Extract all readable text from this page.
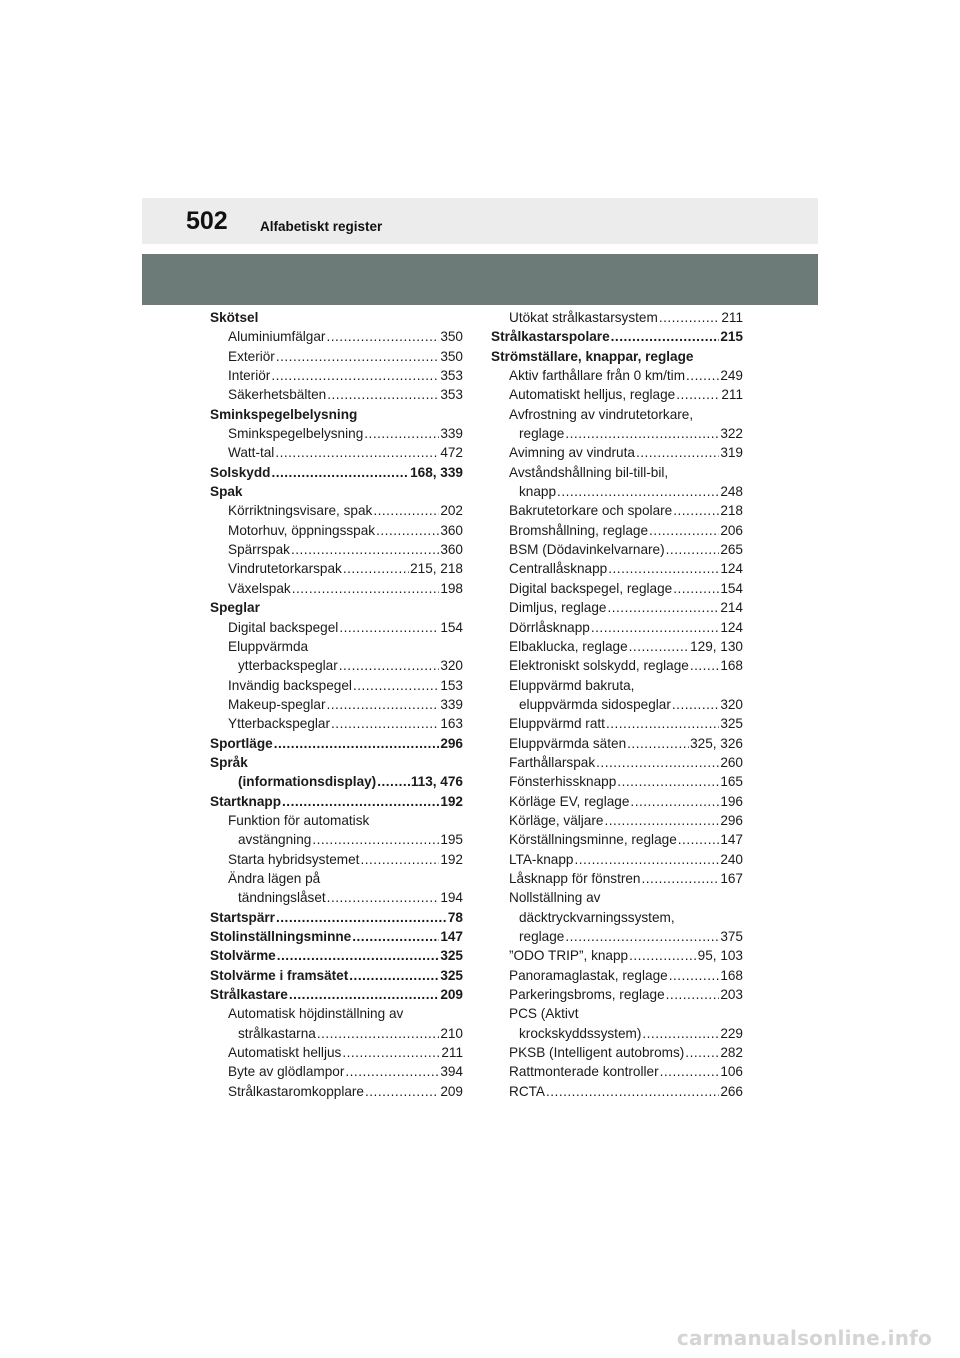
502 Alfabetiskt register
Skötsel
Aluminiumfälgar .....	350
Exteriör .....	350
Interiör .....	353
Säkerhetsbälten .....	353
Sminkspegelbelysning
Sminkspegelbelysning .....	339
Watt-tal .....	472
Solskydd .....	168, 339
Spak
Körriktningsvisare, spak .....	202
Motorhuv, öppningsspak .....	360
Spärrspak .....	360
Vindrutetorkarspak .....	215, 218
Växelspak .....	198
Speglar
Digital backspegel .....	154
Eluppvärmda
ytterbackspeglar .....	320
Invändig backspegel .....	153
Makeup-speglar .....	339
Ytterbackspeglar .....	163
Sportläge .....	296
Språk
(informationsdisplay) .....	113, 476
Startknapp .....	192
Funktion för automatisk
avstängning .....	195
Starta hybridsystemet .....	192
Ändra lägen på
tändningslåset .....	194
Startspärr .....	78
Stolinställningsminne .....	147
Stolvärme .....	325
Stolvärme i framsätet .....	325
Strålkastare .....	209
Automatisk höjdinställning av
strålkastarna .....	210
Automatiskt helljus .....	211
Byte av glödlampor .....	394
Strålkastaromkopplare .....	209
Utökat strålkastarsystem .....	211
Strålkastarspolare .....	215
Strömställare, knappar, reglage
Aktiv farthållare från 0 km/tim .....	249
Automatiskt helljus, reglage .....	211
Avfrostning av vindrutetorkare,
reglage .....	322
Avimning av vindruta .....	319
Avståndshållning bil-till-bil,
knapp .....	248
Bakrutetorkare och spolare .....	218
Bromshållning, reglage .....	206
BSM (Dödavinkelvarnare) .....	265
Centrallåsknapp .....	124
Digital backspegel, reglage .....	154
Dimljus, reglage .....	214
Dörrlåsknapp .....	124
Elbaklucka, reglage .....	129, 130
Elektroniskt solskydd, reglage ..... 168
Eluppvärmd bakruta,
eluppvärmda sidospeglar .....	320
Eluppvärmd ratt .....	325
Eluppvärmda säten .....	325, 326
Farthållarspak .....	260
Fönsterhissknapp .....	165
Körläge EV, reglage .....	196
Körläge, väljare .....	296
Körställningsminne, reglage .....	147
LTA-knapp .....	240
Låsknapp för fönstren .....	167
Nollställning av
däcktryckvarningssystem,
reglage .....	375
”ODO TRIP”, knapp .....	95, 103
Panoramaglastak, reglage .....	168
Parkeringsbroms, reglage .....	203
PCS (Aktivt
krockskyddssystem) .....	229
PKSB (Intelligent autobroms) .....	282
Rattmonterade kontroller .....	106
RCTA .....	266
carmanualsonline.info
